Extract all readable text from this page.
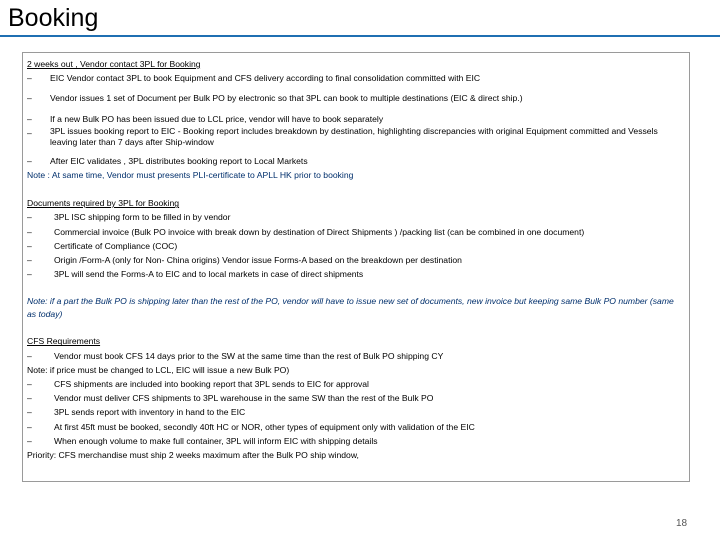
Booking
2 weeks out , Vendor contact 3PL for Booking
–	EIC Vendor contact 3PL to book Equipment and CFS delivery according to final consolidation committed with EIC
–	Vendor issues 1 set of Document per Bulk PO by electronic so that 3PL can book to multiple destinations (EIC & direct ship.)
–	If a new Bulk PO has been issued due to LCL price, vendor will have to book separately
–	3PL issues booking report to EIC - Booking report includes breakdown by destination, highlighting discrepancies with original Equipment committed and Vessels leaving later than 7 days after Ship-window
–	After EIC validates , 3PL distributes booking report to Local Markets
Note : At same time, Vendor must presents PLI-certificate to APLL HK prior to booking
Documents required by 3PL for Booking
–	3PL ISC shipping form to be filled in by vendor
–	Commercial invoice (Bulk PO invoice with break down by destination of Direct Shipments ) /packing list (can be combined in one document)
–	Certificate of Compliance (COC)
–	Origin /Form-A (only for Non- China origins) Vendor issue Forms-A based on the breakdown per destination
–	3PL will send the Forms-A to EIC and to local markets in case of direct shipments
Note: if a part the Bulk PO is shipping later than the rest of the PO, vendor will have to issue new set of documents, new invoice but keeping same Bulk PO number (same as today)
CFS Requirements
–	Vendor must book CFS 14 days prior to the SW at the same time than the rest of Bulk PO shipping CY
Note: if price must be changed to LCL, EIC will issue a new Bulk PO)
–	CFS shipments are included into booking report that 3PL sends to EIC for approval
–	Vendor must deliver CFS shipments to 3PL warehouse in the same SW than the rest of the Bulk PO
–	3PL sends report with inventory in hand to the EIC
–	At first 45ft must be booked, secondly 40ft HC or NOR, other types of equipment only with validation of the EIC
–	When enough volume to make full container, 3PL will inform EIC with shipping details
Priority: CFS merchandise must ship 2 weeks maximum after the Bulk PO ship window,
18
